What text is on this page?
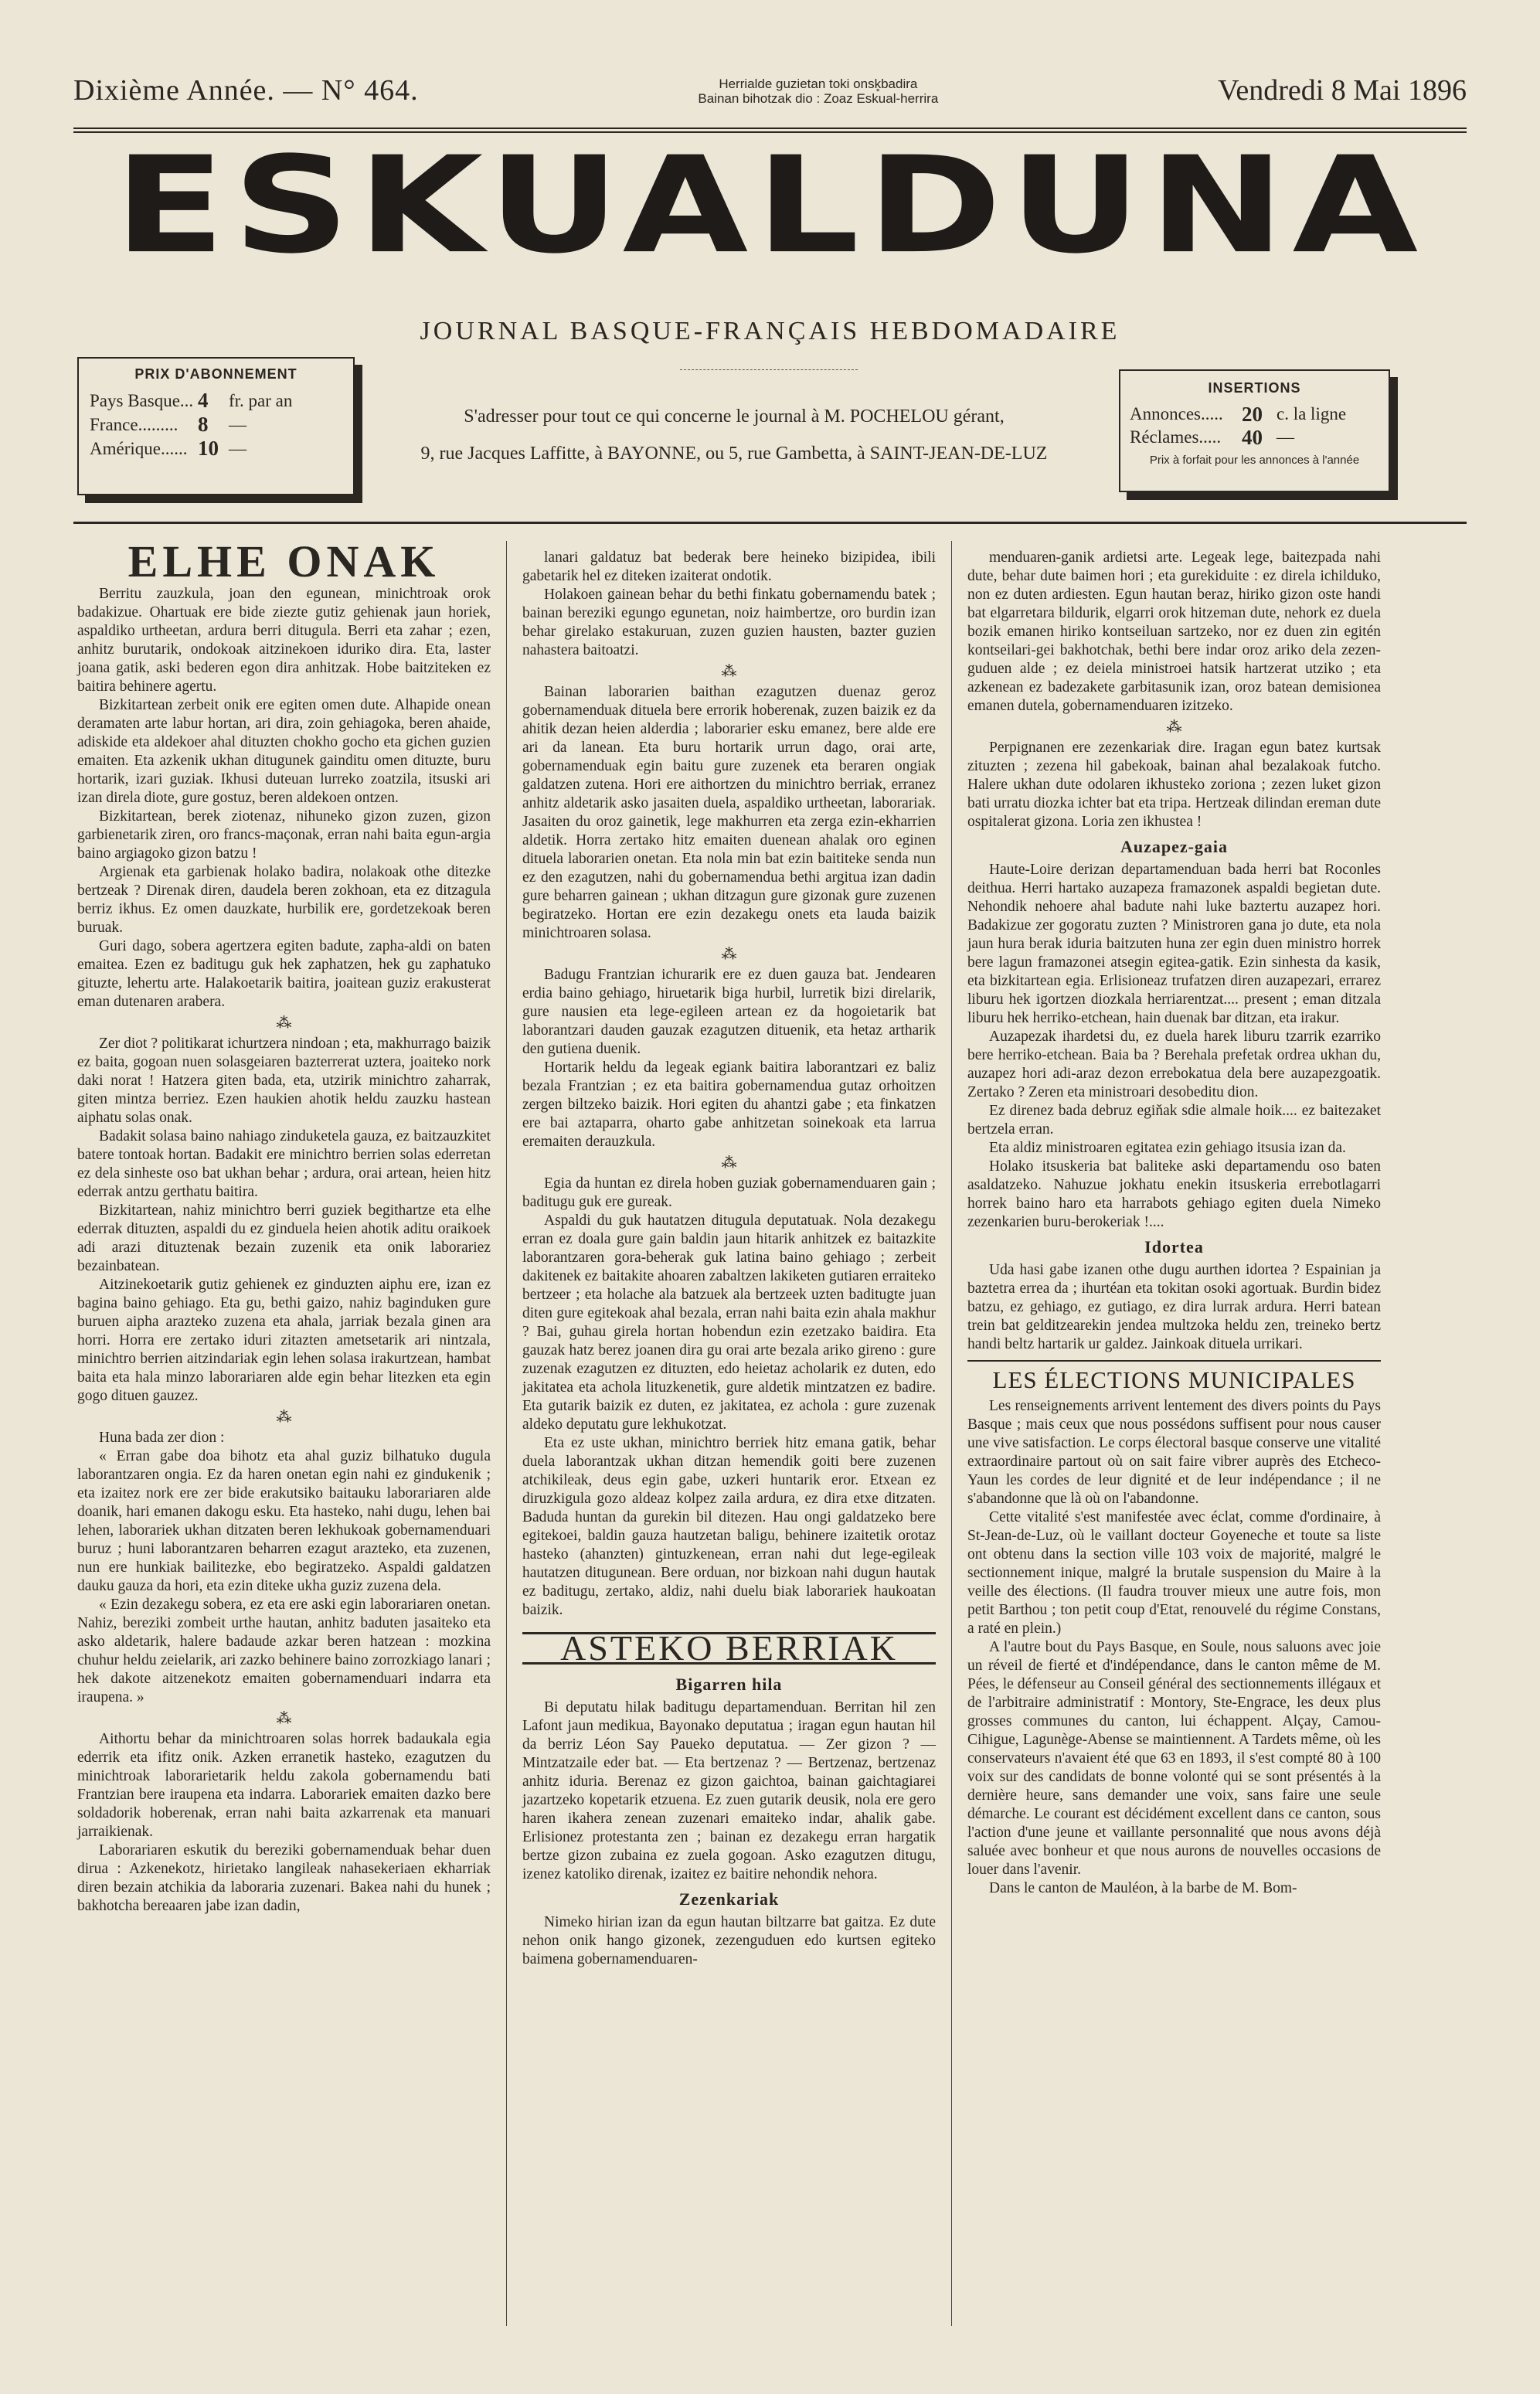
Dixième Année. — N° 464.	Herrialde guzietan toki onsk̥badira
Bainan bihotzak dio : Zoaz Eskual-herrira	Vendredi 8 Mai 1896
ESKUALDUNA
JOURNAL BASQUE-FRANÇAIS HEBDOMADAIRE
PRIX D'ABONNEMENT
Pays Basque... 4	fr. par an
France......... 8	—
Amérique...... 10 —
S'adresser pour tout ce qui concerne le journal à M. POCHELOU gérant,
9, rue Jacques Laffitte, à BAYONNE, ou 5, rue Gambetta, à SAINT-JEAN-DE-LUZ
INSERTIONS
Annonces..... 20 c. la ligne
Réclames..... 40 —
Prix à forfait pour les annonces à l'année
ELHE ONAK

Berritu zauzkula, joan den egunean, minichtroak orok badakizue. Ohartuak ere bide ziezte gutiz gehienak jaun horiek, aspaldiko urtheetan, ardura berri ditugula. Berri eta zahar ; ezen, anhitz burutarik, ondokoak aitzinekoen iduriko dira. Eta, laster joana gatik, aski bederen egon dira anhitzak. Hobe baitziteken ez baitira behinere agertu.

Bizkitartean zerbeit onik ere egiten omen dute. Alhapide onean deramaten arte labur hortan, ari dira, zoin gehiagoka, beren ahaide, adiskide eta aldekoer ahal dituzten chokho gocho eta gichen guzien emaiten. Eta azkenik ukhan ditugunek gainditu omen dituzte, buru hortarik, izari guziak. Ikhusi duteuan lurreko zoatzila, itsuski ari izan direla diote, gure gostuz, beren aldekoen ontzen.

Bizkitartean, berek ziotenaz, nihuneko gizon zuzen, gizon garbienetarik ziren, oro francs-maçonak, erran nahi baita egun-argia baino argiagoko gizon batzu !

Argienak eta garbienak holako badira, nolakoak othe ditezke bertzeak ? Direnak diren, daudela beren zokhoan, eta ez ditzagula berriz ikhus. Ez omen dauzkate, hurbilik ere, gordetzekoak beren buruak.

Guri dago, sobera agertzera egiten badute, zapha-aldi on baten emaitea. Ezen ez baditugu guk hek zaphatzen, hek gu zaphatuko gituzte, lehertu arte. Halakoetarik baitira, joaitean guziz erakusterat eman dutenaren arabera.

⁂

Zer diot ? politikarat ichurtzera nindoan ; eta, makhurrago baizik ez baita, gogoan nuen solasgeiaren bazterrerat uztera, joaiteko nork daki norat ! Hatzera giten bada, eta, utzirik minichtro zaharrak, giten mintza berriez. Ezen haukien ahotik heldu zauzku hastean aiphatu solas onak.

Badakit solasa baino nahiago zinduketela gauza, ez baitzauzkitet batere tontoak hortan. Badakit ere minichtro berrien solas ederretan ez dela sinheste oso bat ukhan behar ; ardura, orai artean, heien hitz ederrak antzu gerthatu baitira.

Bizkitartean, nahiz minichtro berri guziek begithartze eta elhe ederrak dituzten, aspaldi du ez ginduela heien ahotik aditu oraikoek adi arazi dituztenak bezain zuzenik eta onik laborariez bezainbatean.

Aitzinekoetarik gutiz gehienek ez ginduzten aiphu ere, izan ez bagina baino gehiago. Eta gu, bethi gaizo, nahiz baginduken gure buruen aipha arazteko zuzena eta ahala, jarriak bezala ginen ara horri. Horra ere zertako iduri zitazten ametsetarik ari nintzala, minichtro berrien aitzindariak egin lehen solasa irakurtzean, hambat baita eta hala minzo laborariaren alde egin behar litezken eta egin gogo dituen gauzez.

⁂

Huna bada zer dion :

« Erran gabe doa bihotz eta ahal guziz bilhatuko dugula laborantzaren ongia. Ez da haren onetan egin nahi ez gindukenik ; eta izaitez nork ere zer bide erakutsiko baitauku laborariaren alde doanik, hari emanen dakogu esku. Eta hasteko, nahi dugu, lehen bai lehen, laborariek ukhan ditzaten beren lekhukoak gobernamenduari buruz ; huni laborantzaren beharren ezagut arazteko, eta zuzenen, nun ere hunkiak bailitezke, ebo begiratzeko. Aspaldi galdatzen dauku gauza da hori, eta ezin diteke ukha guziz zuzena dela.

« Ezin dezakegu sobera, ez eta ere aski egin laborariaren onetan. Nahiz, bereziki zombeit urthe hautan, anhitz baduten jasaiteko eta asko aldetarik, halere badaude azkar beren hatzean : mozkina chuhur heldu zeielarik, ari zazko behinere baino zorrozkiago lanari ; hek dakote aitzenekotz emaiten gobernamenduari indarra eta iraupena. »

⁂

Aithortu behar da minichtroaren solas horrek badaukala egia ederrik eta ifitz onik. Azken erranetik hasteko, ezagutzen du minichtroak laborarietarik heldu zakola gobernamendu bati Frantzian bere iraupena eta indarra. Laborariek emaiten dazko bere soldadorik hoberenak, erran nahi baita azkarrenak eta manuari jarraikienak.

Laborariaren eskutik du bereziki gobernamenduak behar duen dirua : Azkenekotz, hirietako langileak nahasekeriaen ekharriak diren bezain atchikia da laboraria zuzenari. Bakea nahi du hunek ; bakhotcha bereaaren jabe izan dadin,

lanari galdatuz bat bederak bere heineko bizipidea, ibili gabetarik hel ez diteken izaiterat ondotik.

Holakoen gainean behar du bethi finkatu gobernamendu batek ; bainan bereziki egungo egunetan, noiz haimbertze, oro burdin izan behar girelako estakuruan, zuzen guzien hausten, bazter guzien nahastera baitoatzi.

⁂

Bainan laborarien baithan ezagutzen duenaz geroz gobernamenduak dituela bere errorik hoberenak, zuzen baizik ez da ahitik dezan heien alderdia ; laborarier esku emanez, bere alde ere ari da lanean. Eta buru hortarik urrun dago, orai arte, gobernamenduak egin baitu gure zuzenek eta beraren ongiak galdatzen zutena. Hori ere aithortzen du minichtro berriak, erranez anhitz aldetarik asko jasaiten duela, aspaldiko urtheetan, laborariak. Jasaiten du oroz gainetik, lege makhurren eta zerga ezin-ekharrien aldetik. Horra zertako hitz emaiten duenean ahalak oro eginen dituela laborarien onetan. Eta nola min bat ezin baititeke senda nun ez den ezagutzen, nahi du gobernamendua bethi argitua izan dadin gure beharren gainean ; ukhan ditzagun gure gizonak gure zuzenen begiratzeko. Hortan ere ezin dezakegu onets eta lauda baizik minichtroaren solasa.

⁂

Badugu Frantzian ichurarik ere ez duen gauza bat. Jendearen erdia baino gehiago, hiruetarik biga hurbil, lurretik bizi direlarik, gure nausien eta lege-egileen artean ez da hogoietarik bat laborantzari dauden gauzak ezagutzen dituenik, eta hetaz artharik den gutiena duenik.

Hortarik heldu da legeak egiank baitira laborantzari ez baliz bezala Frantzian ; ez eta baitira gobernamendua gutaz orhoitzen zergen biltzeko baizik. Hori egiten du ahantzi gabe ; eta finkatzen ere bai aztaparra, oharto gabe anhitzetan soinekoak eta larrua eremaiten derauzkula.

⁂

Egia da huntan ez direla hoben guziak gobernamenduaren gain ; baditugu guk ere gureak.

Aspaldi du guk hautatzen ditugula deputatuak. Nola dezakegu erran ez doala gure gain baldin jaun hitarik anhitzek ez baitazkite laborantzaren gora-beherak guk latina baino gehiago ; zerbeit dakitenek ez baitakite ahoaren zabaltzen lakiketen gutiaren erraiteko bertzeer ; eta holache ala batzuek ala bertzeek uzten baditugte juan diten gure egitekoak ahal bezala, erran nahi baita ezin ahala makhur ? Bai, guhau girela hortan hobendun ezin ezetzako baidira. Eta gauzak hatz berez joanen dira gu orai arte bezala ariko gireno : gure zuzenak ezagutzen ez dituzten, edo heietaz acholarik ez duten, edo jakitatea eta achola lituzkenetik, gure aldetik mintzatzen ez badire. Eta gutarik baizik ez duten, ez jakitatea, ez achola : gure zuzenak aldeko deputatu gure lekhukotzat.

Eta ez uste ukhan, minichtro berriek hitz emana gatik, behar duela laborantzak ukhan ditzan hemendik goiti bere zuzenen atchikileak, deus egin gabe, uzkeri huntarik eror. Etxean ez diruzkigula gozo aldeaz kolpez zaila ardura, ez dira etxe ditzaten. Baduda huntan da gurekin bil ditezen. Hau ongi galdatzeko bere egitekoei, baldin gauza hautzetan baligu, behinere izaitetik orotaz hasteko (ahanzten) gintuzkenean, erran nahi dut lege-egileak hautatzen ditugunean. Bere orduan, nor bizkoan nahi dugun hautak ez baditugu, zertako, aldiz, nahi duelu biak laborariek haukoatan baizik.

ASTEKO BERRIAK
Bigarren hila

Bi deputatu hilak baditugu departamenduan. Berritan hil zen Lafont jaun medikua, Bayonako deputatua ; iragan egun hautan hil da berriz Léon Say Paueko deputatua. — Zer gizon ? — Mintzatzaile eder bat. — Eta bertzenaz ? — Bertzenaz, bertzenaz anhitz iduria. Berenaz ez gizon gaichtoa, bainan gaichtagiarei jazartzeko kopetarik etzuena. Ez zuen gutarik deusik, nola ere gero haren ikahera zenean zuzenari emaiteko indar, ahalik gabe. Erlisionez protestanta zen ; bainan ez dezakegu erran hargatik bertze gizon zubaina ez zuela gogoan. Asko ezagutzen ditugu, izenez katoliko direnak, izaitez ez baitire nehondik nehora.

Zezenkariak

Nimeko hirian izan da egun hautan biltzarre bat gaitza. Ez dute nehon onik hango gizonek, zezenguduen edo kurtsen egiteko baimena gobernamenduaren-

menduaren-ganik ardietsi arte. Legeak lege, baitezpada nahi dute, behar dute baimen hori ; eta gurekiduite : ez direla ichilduko, non ez duten ardiesten. Egun hautan beraz, hiriko gizon oste handi bat elgarretara bildurik, elgarri orok hitzeman dute, nehork ez duela bozik emanen hiriko kontseiluan sartzeko, nor ez duen zin egitén kontseilari-gei bakhotchak, bethi bere indar oroz ariko dela zezen-guduen alde ; ez deiela ministroei hatsik hartzerat utziko ; eta azkenean ez badezakete garbitasunik izan, oroz batean demisionea emanen dutela, gobernamenduaren izitzeko.

⁂

Perpignanen ere zezenkariak dire. Iragan egun batez kurtsak zituzten ; zezena hil gabekoak, bainan ahal bezalakoak futcho. Halere ukhan dute odolaren ikhusteko zoriona ; zezen luket gizon bati urratu diozka ichter bat eta tripa. Hertzeak dilindan ereman dute ospitalerat gizona. Loria zen ikhustea !

Auzapez-gaia

Haute-Loire derizan departamenduan bada herri bat Roconles deithua. Herri hartako auzapeza framazonek aspaldi begietan dute. Nehondik nehoere ahal badute nahi luke baztertu auzapez hori. Badakizue zer gogoratu zuzten ? Ministroren gana jo dute, eta nola jaun hura berak iduria baitzuten huna zer egin duen ministro horrek bere lagun framazonei atsegin egitea-gatik. Ezin sinhesta da kasik, eta bizkitartean egia. Erlisioneaz trufatzen diren auzapezari, errarez liburu hek igortzen diozkala herriarentzat.... present ; eman ditzala liburu hek herriko-etchean, hain duenak bar ditzan, eta irakur.

Auzapezak ihardetsi du, ez duela harek liburu tzarrik ezarriko bere herriko-etchean. Baia ba ? Berehala prefetak ordrea ukhan du, auzapez hori adi-araz dezon errebokatua dela bere auzapezgoatik. Zertako ? Zeren eta ministroari desobeditu dion.

Ez direnez bada debruz egiňak sdie almale hoik.... ez baitezaket bertzela erran.

Eta aldiz ministroaren egitatea ezin gehiago itsusia izan da.

Holako itsuskeria bat baliteke aski departamendu oso baten asaldatzeko. Nahuzue jokhatu enekin itsuskeria errebotlagarri horrek baino haro eta harrabots gehiago egiten duela Nimeko zezenkarien buru-berokeriak !....

Idortea

Uda hasi gabe izanen othe dugu aurthen idortea ? Espainian ja baztetra errea da ; ihurtéan eta tokitan osoki agortuak. Burdin bidez batzu, ez gehiago, ez gutiago, ez dira lurrak ardura. Herri batean trein bat gelditzearekin jendea multzoka heldu zen, treineko bertz handi beltz hartarik ur galdez. Jainkoak dituela urrikari.

LES ÉLECTIONS MUNICIPALES

Les renseignements arrivent lentement des divers points du Pays Basque ; mais ceux que nous possédons suffisent pour nous causer une vive satisfaction. Le corps électoral basque conserve une vitalité extraordinaire partout où on sait faire vibrer auprès des Etcheco-Yaun les cordes de leur dignité et de leur indépendance ; il ne s'abandonne que là où on l'abandonne.

Cette vitalité s'est manifestée avec éclat, comme d'ordinaire, à St-Jean-de-Luz, où le vaillant docteur Goyeneche et toute sa liste ont obtenu dans la section ville 103 voix de majorité, malgré le sectionnement inique, malgré la brutale suspension du Maire à la veille des élections. (Il faudra trouver mieux une autre fois, mon petit Barthou ; ton petit coup d'Etat, renouvelé du régime Constans, a raté en plein.)

A l'autre bout du Pays Basque, en Soule, nous saluons avec joie un réveil de fierté et d'indépendance, dans le canton même de M. Pées, le défenseur au Conseil général des sectionnements illégaux et de l'arbitraire administratif : Montory, Ste-Engrace, les deux plus grosses communes du canton, lui échappent. Alçay, Camou-Cihigue, Lagunège-Abense se maintiennent. A Tardets même, où les conservateurs n'avaient été que 63 en 1893, il s'est compté 80 à 100 voix sur des candidats de bonne volonté qui se sont présentés à la dernière heure, sans demander une voix, sans faire une seule démarche. Le courant est décidément excellent dans ce canton, sous l'action d'une jeune et vaillante personnalité que nous avons déjà saluée avec bonheur et que nous aurons de nouvelles occasions de louer dans l'avenir.

Dans le canton de Mauléon, à la barbe de M. Bom-
